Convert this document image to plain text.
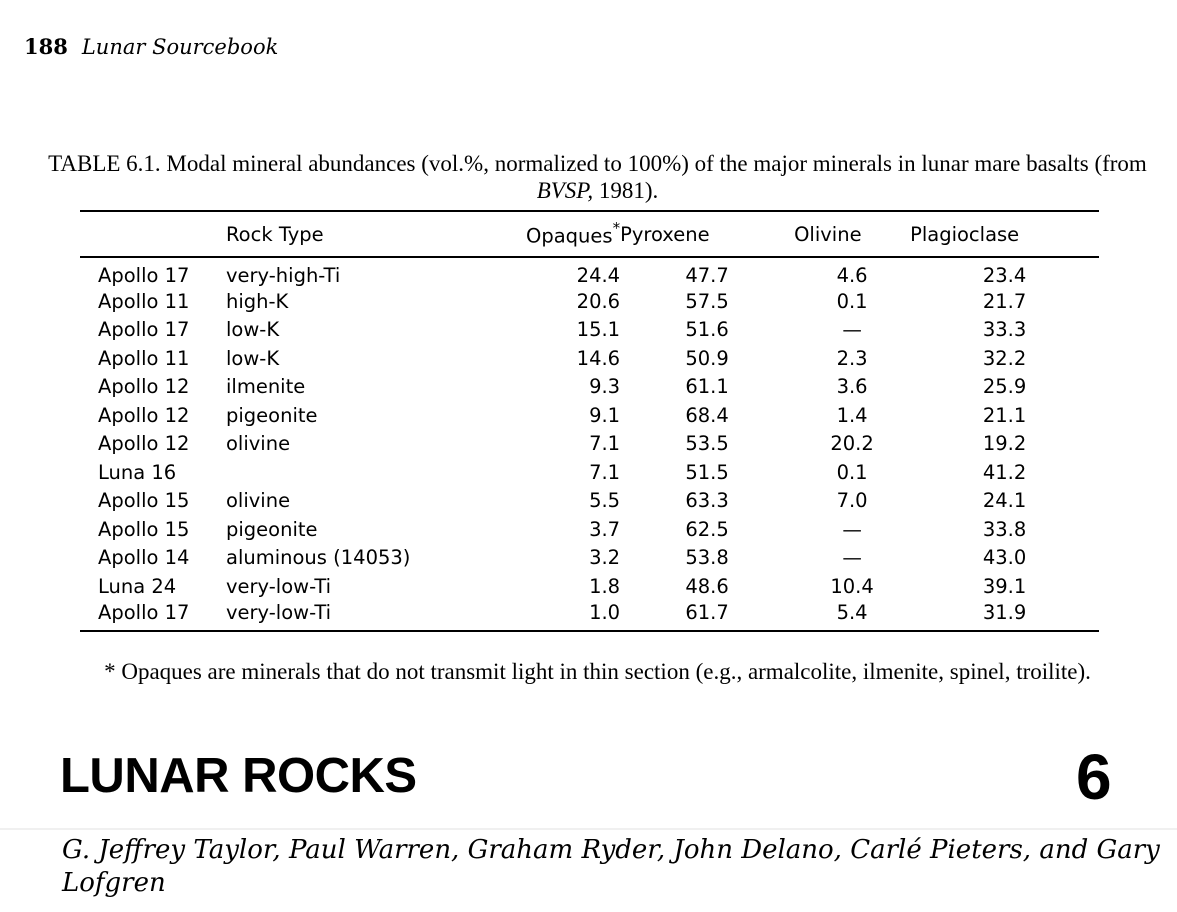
188 Lunar Sourcebook
TABLE 6.1. Modal mineral abundances (vol.%, normalized to 100%) of the major minerals in lunar mare basalts (from BVSP, 1981).
	Rock Type	Opaques*	Pyroxene	Olivine	Plagioclase
Apollo 17	very-high-Ti	24.4	47.7	4.6	23.4
Apollo 11	high-K	20.6	57.5	0.1	21.7
Apollo 17	low-K	15.1	51.6	—	33.3
Apollo 11	low-K	14.6	50.9	2.3	32.2
Apollo 12	ilmenite	9.3	61.1	3.6	25.9
Apollo 12	pigeonite	9.1	68.4	1.4	21.1
Apollo 12	olivine	7.1	53.5	20.2	19.2
Luna 16		7.1	51.5	0.1	41.2
Apollo 15	olivine	5.5	63.3	7.0	24.1
Apollo 15	pigeonite	3.7	62.5	—	33.8
Apollo 14	aluminous (14053)	3.2	53.8	—	43.0
Luna 24	very-low-Ti	1.8	48.6	10.4	39.1
Apollo 17	very-low-Ti	1.0	61.7	5.4	31.9
* Opaques are minerals that do not transmit light in thin section (e.g., armalcolite, ilmenite, spinel, troilite).
LUNAR ROCKS	6
G. Jeffrey Taylor, Paul Warren, Graham Ryder, John Delano, Carlé Pieters, and Gary Lofgren
